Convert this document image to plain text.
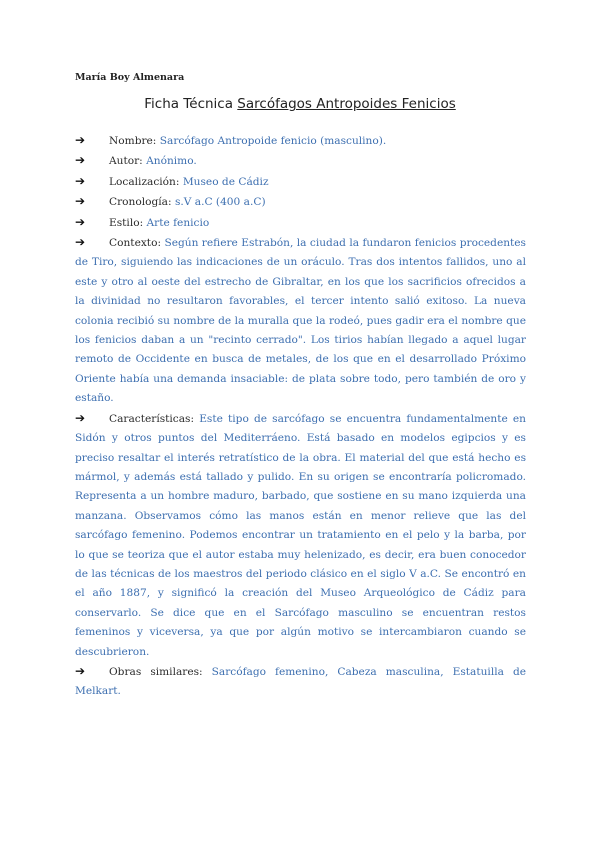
María Boy Almenara
Ficha Técnica Sarcófagos Antropoides Fenicios

➔ Nombre: Sarcófago Antropoide fenicio (masculino).

➔ Autor: Anónimo.

➔ Localización: Museo de Cádiz

➔ Cronología: s.V a.C (400 a.C)

➔ Estilo: Arte fenicio

➔ Contexto: Según refiere Estrabón, la ciudad la fundaron fenicios procedentes de Tiro, siguiendo las indicaciones de un oráculo. Tras dos intentos fallidos, uno al este y otro al oeste del estrecho de Gibraltar, en los que los sacrificios ofrecidos a la divinidad no resultaron favorables, el tercer intento salió exitoso. La nueva colonia recibió su nombre de la muralla que la rodeó, pues gadir era el nombre que los fenicios daban a un "recinto cerrado". Los tirios habían llegado a aquel lugar remoto de Occidente en busca de metales, de los que en el desarrollado Próximo Oriente había una demanda insaciable: de plata sobre todo, pero también de oro y estaño.

➔ Características: Este tipo de sarcófago se encuentra fundamentalmente en Sidón y otros puntos del Mediterráeno. Está basado en modelos egipcios y es preciso resaltar el interés retratístico de la obra. El material del que está hecho es mármol, y además está tallado y pulido. En su origen se encontraría policromado. Representa a un hombre maduro, barbado, que sostiene en su mano izquierda una manzana. Observamos cómo las manos están en menor relieve que las del sarcófago femenino. Podemos encontrar un tratamiento en el pelo y la barba, por lo que se teoriza que el autor estaba muy helenizado, es decir, era buen conocedor de las técnicas de los maestros del periodo clásico en el siglo V a.C. Se encontró en el año 1887, y significó la creación del Museo Arqueológico de Cádiz para conservarlo. Se dice que en el Sarcófago masculino se encuentran restos femeninos y viceversa, ya que por algún motivo se intercambiaron cuando se descubrieron.

➔ Obras similares: Sarcófago femenino, Cabeza masculina, Estatuilla de Melkart.
